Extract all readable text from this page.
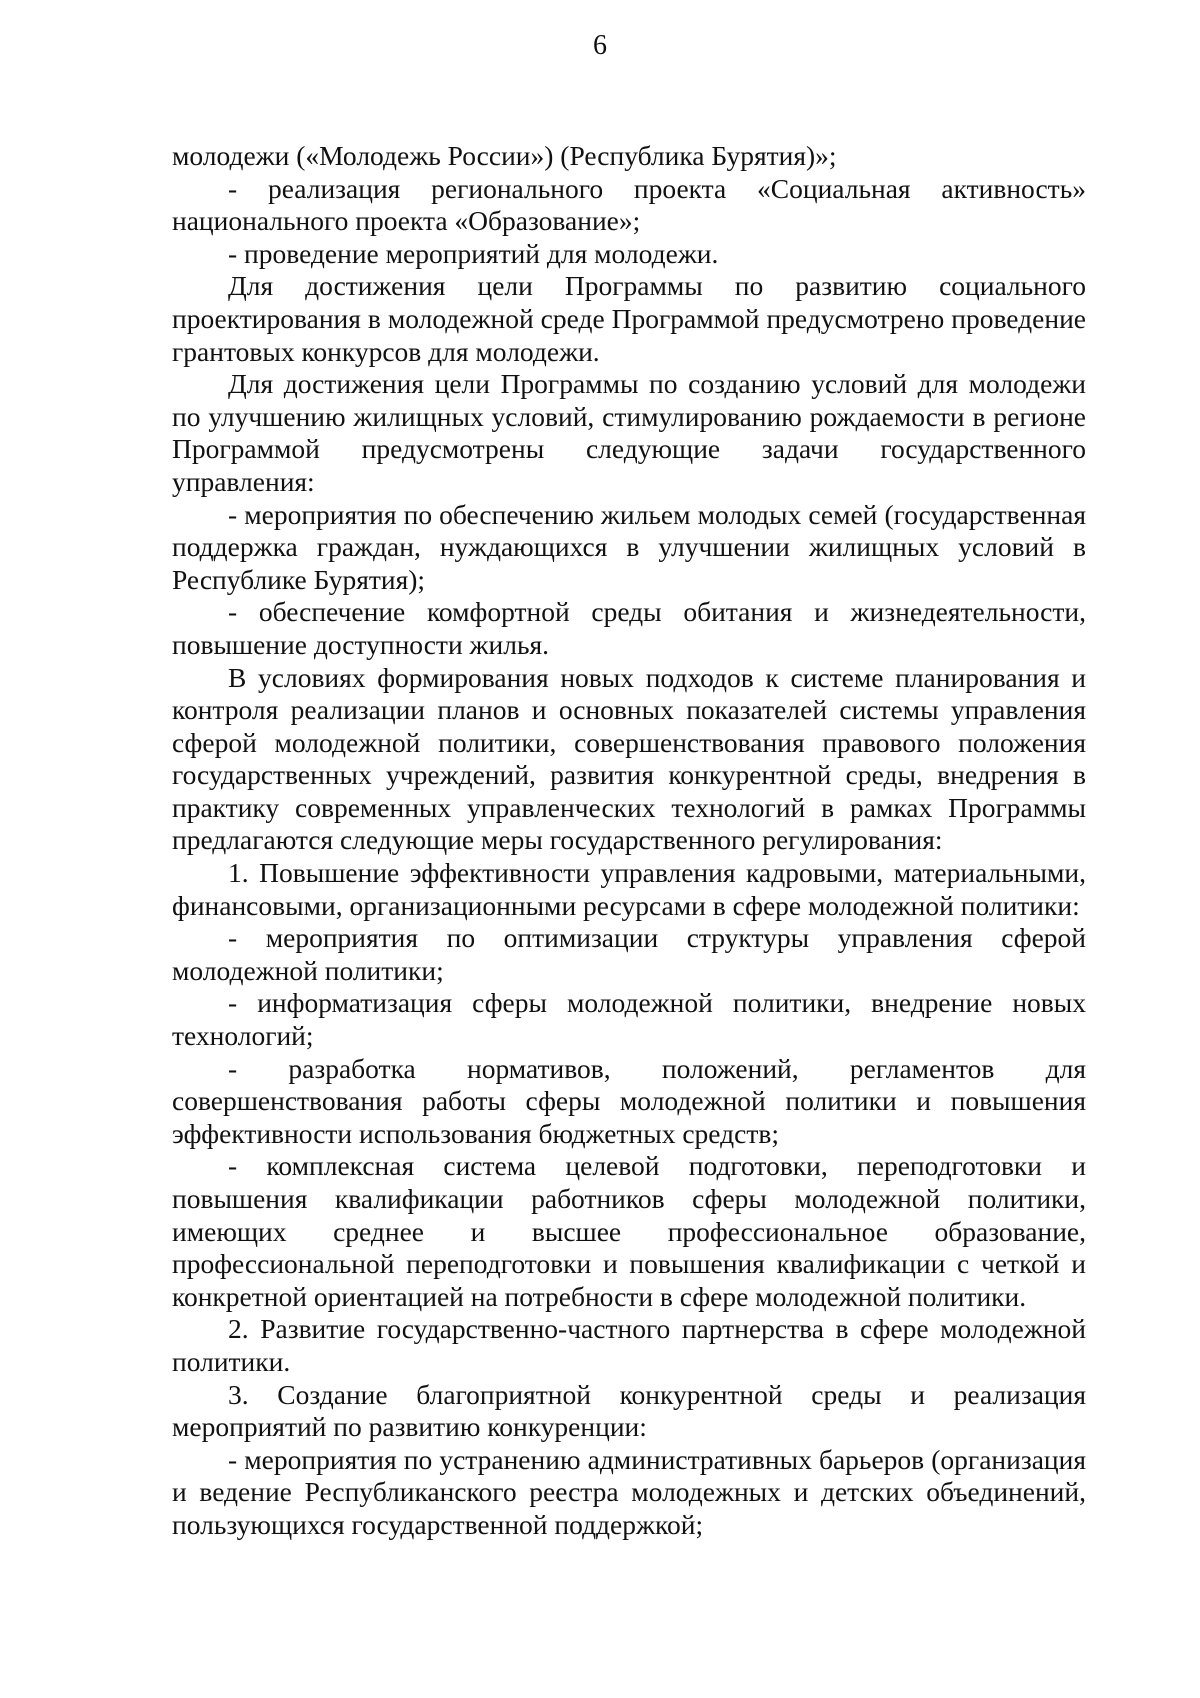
6

молодежи («Молодежь России») (Республика Бурятия)»;

- реализация регионального проекта «Социальная активность» национального проекта «Образование»;

- проведение мероприятий для молодежи.

Для достижения цели Программы по развитию социального проектирования в молодежной среде Программой предусмотрено проведение грантовых конкурсов для молодежи.

Для достижения цели Программы по созданию условий для молодежи по улучшению жилищных условий, стимулированию рождаемости в регионе Программой предусмотрены следующие задачи государственного управления:

- мероприятия по обеспечению жильем молодых семей (государственная поддержка граждан, нуждающихся в улучшении жилищных условий в Республике Бурятия);

- обеспечение комфортной среды обитания и жизнедеятельности, повышение доступности жилья.

В условиях формирования новых подходов к системе планирования и контроля реализации планов и основных показателей системы управления сферой молодежной политики, совершенствования правового положения государственных учреждений, развития конкурентной среды, внедрения в практику современных управленческих технологий в рамках Программы предлагаются следующие меры государственного регулирования:

1. Повышение эффективности управления кадровыми, материальными, финансовыми, организационными ресурсами в сфере молодежной политики:

- мероприятия по оптимизации структуры управления сферой молодежной политики;

- информатизация сферы молодежной политики, внедрение новых технологий;

- разработка нормативов, положений, регламентов для совершенствования работы сферы молодежной политики и повышения эффективности использования бюджетных средств;

- комплексная система целевой подготовки, переподготовки и повышения квалификации работников сферы молодежной политики, имеющих среднее и высшее профессиональное образование, профессиональной переподготовки и повышения квалификации с четкой и конкретной ориентацией на потребности в сфере молодежной политики.

2. Развитие государственно-частного партнерства в сфере молодежной политики.

3. Создание благоприятной конкурентной среды и реализация мероприятий по развитию конкуренции:

- мероприятия по устранению административных барьеров (организация и ведение Республиканского реестра молодежных и детских объединений, пользующихся государственной поддержкой;
